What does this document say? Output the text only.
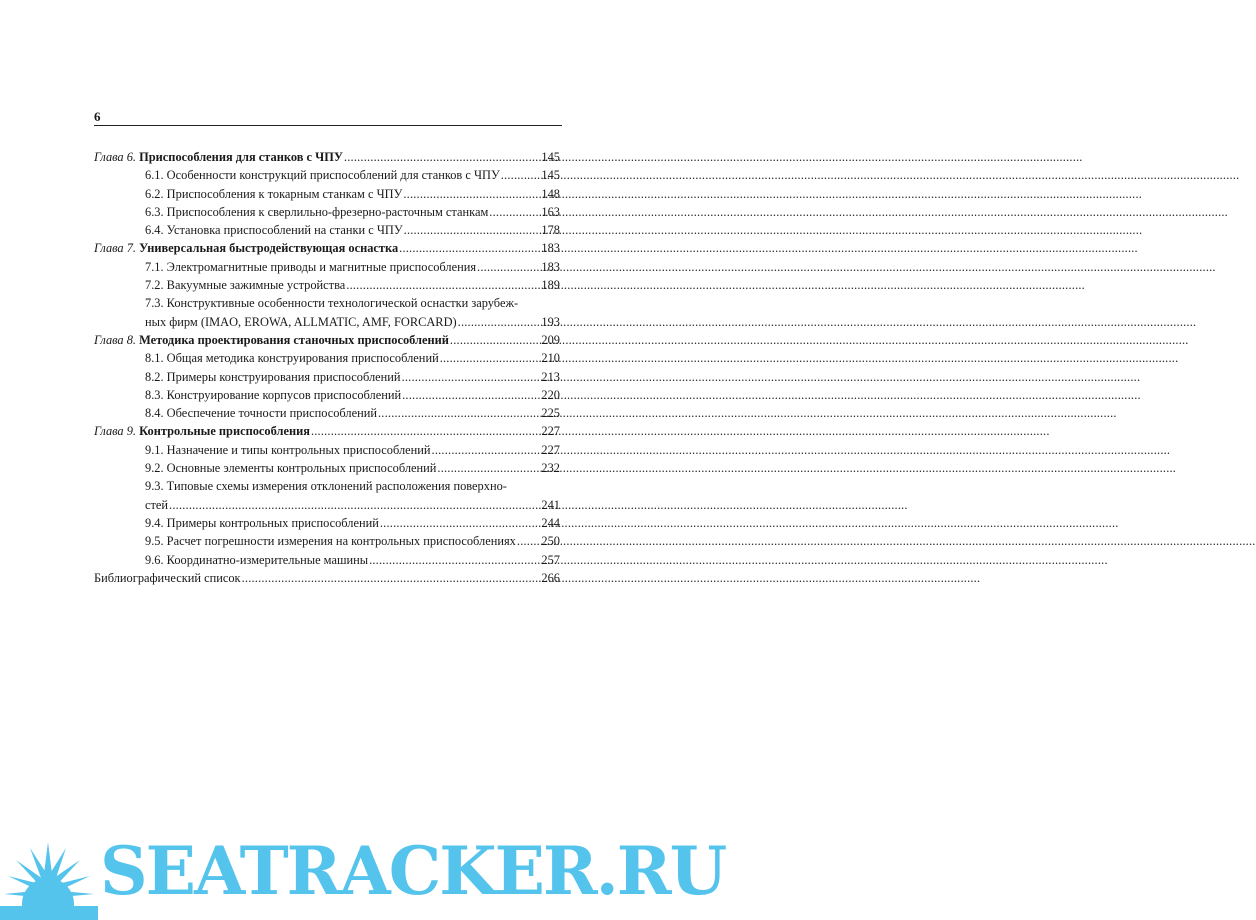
6
Глава 6. Приспособления для станков с ЧПУ .....	145
6.1. Особенности конструкций приспособлений для станков с ЧПУ .....	145
6.2. Приспособления к токарным станкам с ЧПУ .....	148
6.3. Приспособления к сверлильно-фрезерно-расточным станкам .....	163
6.4. Установка приспособлений на станки с ЧПУ .....	178
Глава 7. Универсальная быстродействующая оснастка .....	183
7.1. Электромагнитные приводы и магнитные приспособления .....	183
7.2. Вакуумные зажимные устройства .....	189
7.3. Конструктивные особенности технологической оснастки зарубеж-
ных фирм (IMAO, EROWA, ALLMATIC, AMF, FORCARD) .....	193
Глава 8. Методика проектирования станочных приспособлений .....	209
8.1. Общая методика конструирования приспособлений .....	210
8.2. Примеры конструирования приспособлений .....	213
8.3. Конструирование корпусов приспособлений .....	220
8.4. Обеспечение точности приспособлений .....	225
Глава 9. Контрольные приспособления .....	227
9.1. Назначение и типы контрольных приспособлений .....	227
9.2. Основные элементы контрольных приспособлений .....	232
9.3. Типовые схемы измерения отклонений расположения поверхно-
стей .....	241
9.4. Примеры контрольных приспособлений .....	244
9.5. Расчет погрешности измерения на контрольных приспособлениях ..... 250
9.6. Координатно-измерительные машины .....	257
Библиографический список .....	266
SEATRACKER.RU
